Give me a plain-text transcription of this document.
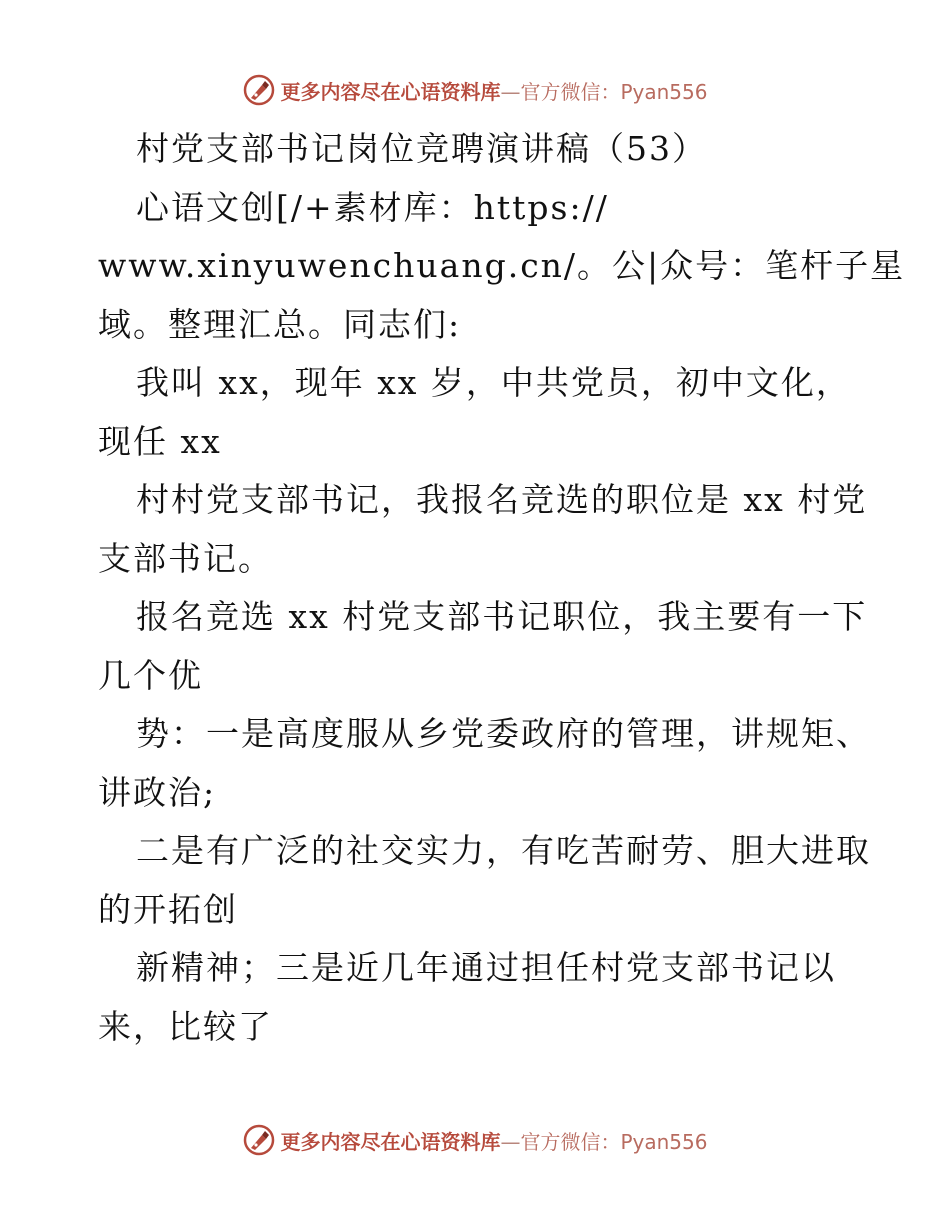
更多内容尽在心语资料库—官方微信：Pyan556
村党支部书记岗位竞聘演讲稿（53）
心语文创[/+素材库：https://
www.xinyuwenchuang.cn/。公|众号：笔杆子星
域。整理汇总。同志们:
我叫 xx，现年 xx 岁，中共党员，初中文化，
现任 xx
村村党支部书记，我报名竞选的职位是 xx 村党
支部书记。
报名竞选 xx 村党支部书记职位，我主要有一下
几个优
势：一是高度服从乡党委政府的管理，讲规矩、
讲政治;
二是有广泛的社交实力，有吃苦耐劳、胆大进取
的开拓创
新精神；三是近几年通过担任村党支部书记以
来，比较了
更多内容尽在心语资料库—官方微信：Pyan556
